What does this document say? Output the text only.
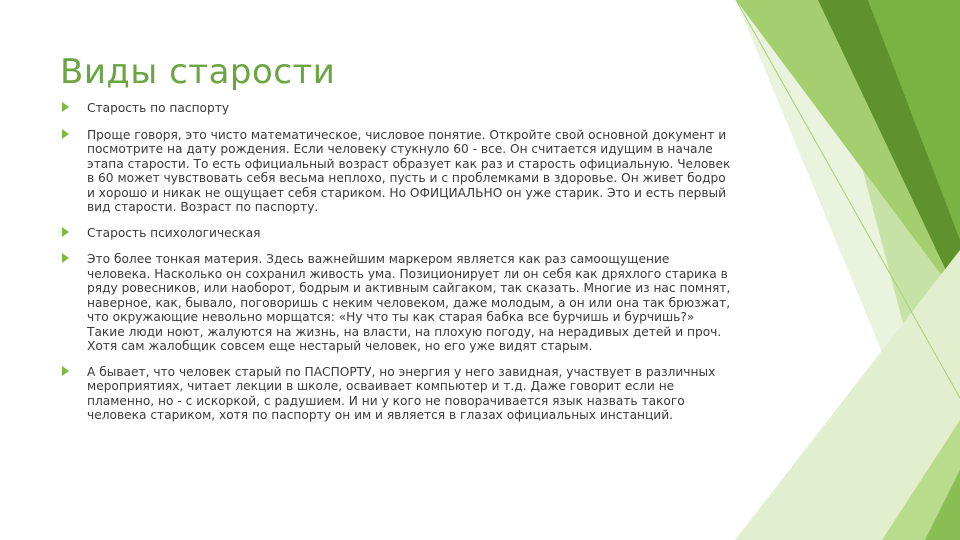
Виды старости
Старость по паспорту
Проще говоря, это чисто математическое, числовое понятие. Откройте свой основной документ и посмотрите на дату рождения. Если человеку стукнуло 60 - все. Он считается идущим в начале этапа старости. То есть официальный возраст образует как раз и старость официальную. Человек в 60 может чувствовать себя весьма неплохо, пусть и с проблемками в здоровье. Он живет бодро и хорошо и никак не ощущает себя стариком. Но ОФИЦИАЛЬНО он уже старик. Это и есть первый вид старости. Возраст по паспорту.
Старость психологическая
Это более тонкая материя. Здесь важнейшим маркером является как раз самоощущение человека. Насколько он сохранил живость ума. Позиционирует ли он себя как дряхлого старика в ряду ровесников, или наоборот, бодрым и активным сайгаком, так сказать. Многие из нас помнят, наверное, как, бывало, поговоришь с неким человеком, даже молодым, а он или она так брюзжат, что окружающие невольно морщатся: «Ну что ты как старая бабка все бурчишь и бурчишь?» Такие люди ноют, жалуются на жизнь, на власти, на плохую погоду, на нерадивых детей и проч. Хотя сам жалобщик совсем еще нестарый человек, но его уже видят старым.
А бывает, что человек старый по ПАСПОРТУ, но энергия у него завидная, участвует в различных мероприятиях, читает лекции в школе, осваивает компьютер и т.д. Даже говорит если не пламенно, но - с искоркой, с радушием. И ни у кого не поворачивается язык назвать такого человека стариком, хотя по паспорту он им и является в глазах официальных инстанций.
